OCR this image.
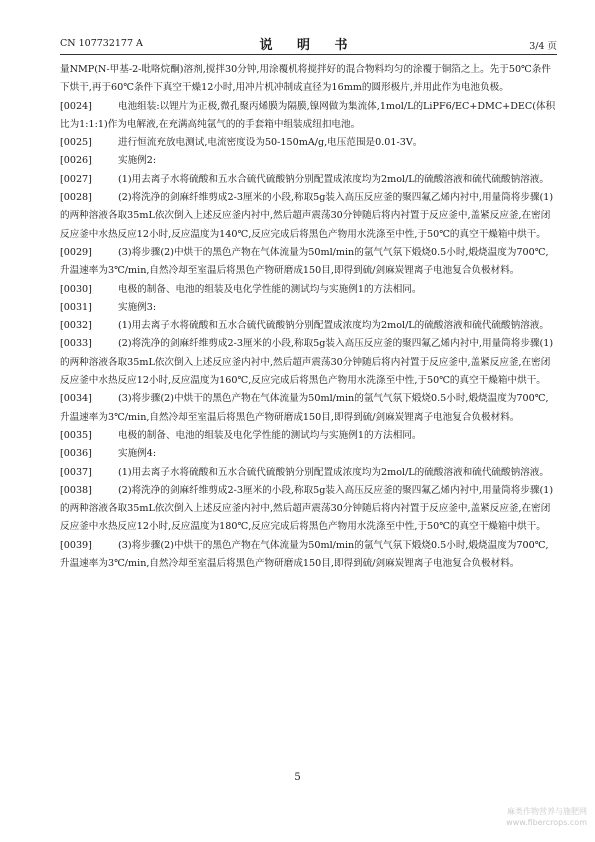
CN 107732177 A	说 明 书	3/4 页
量NMP(N-甲基-2-吡咯烷酮)溶剂,搅拌30分钟,用涂覆机将搅拌好的混合物料均匀的涂覆于铜箔之上。先于50℃条件下烘干,再于60℃条件下真空干燥12小时,用冲片机冲制成直径为16mm的圆形极片,并用此作为电池负极。
[0024]	电池组装:以锂片为正极,微孔聚丙烯膜为隔膜,镍网做为集流体,1mol/L的LiPF6/EC+DMC+DEC(体积比为1:1:1)作为电解液,在充满高纯氩气的的手套箱中组装成纽扣电池。
[0025]	进行恒流充放电测试,电流密度设为50-150mA/g,电压范围是0.01-3V。
[0026]	实施例2:
[0027]	(1)用去离子水将硫酸和五水合硫代硫酸钠分别配置成浓度均为2mol/L的硫酸溶液和硫代硫酸钠溶液。
[0028]	(2)将洗净的剑麻纤维剪成2-3厘米的小段,称取5g装入高压反应釜的聚四氟乙烯内衬中,用量筒将步骤(1)的两种溶液各取35mL依次倒入上述反应釜内衬中,然后超声震荡30分钟随后将内衬置于反应釜中,盖紧反应釜,在密闭反应釜中水热反应12小时,反应温度为140℃,反应完成后将黑色产物用水洗涤至中性,于50℃的真空干燥箱中烘干。
[0029]	(3)将步骤(2)中烘干的黑色产物在气体流量为50ml/min的氩气气氛下煅烧0.5小时,煅烧温度为700℃,升温速率为3℃/min,自然冷却至室温后将黑色产物研磨成150目,即得到硫/剑麻炭锂离子电池复合负极材料。
[0030]	电极的制备、电池的组装及电化学性能的测试均与实施例1的方法相同。
[0031]	实施例3:
[0032]	(1)用去离子水将硫酸和五水合硫代硫酸钠分别配置成浓度均为2mol/L的硫酸溶液和硫代硫酸钠溶液。
[0033]	(2)将洗净的剑麻纤维剪成2-3厘米的小段,称取5g装入高压反应釜的聚四氟乙烯内衬中,用量筒将步骤(1)的两种溶液各取35mL依次倒入上述反应釜内衬中,然后超声震荡30分钟随后将内衬置于反应釜中,盖紧反应釜,在密闭反应釜中水热反应12小时,反应温度为160℃,反应完成后将黑色产物用水洗涤至中性,于50℃的真空干燥箱中烘干。
[0034]	(3)将步骤(2)中烘干的黑色产物在气体流量为50ml/min的氩气气氛下煅烧0.5小时,煅烧温度为700℃,升温速率为3℃/min,自然冷却至室温后将黑色产物研磨成150目,即得到硫/剑麻炭锂离子电池复合负极材料。
[0035]	电极的制备、电池的组装及电化学性能的测试均与实施例1的方法相同。
[0036]	实施例4:
[0037]	(1)用去离子水将硫酸和五水合硫代硫酸钠分别配置成浓度均为2mol/L的硫酸溶液和硫代硫酸钠溶液。
[0038]	(2)将洗净的剑麻纤维剪成2-3厘米的小段,称取5g装入高压反应釜的聚四氟乙烯内衬中,用量筒将步骤(1)的两种溶液各取35mL依次倒入上述反应釜内衬中,然后超声震荡30分钟随后将内衬置于反应釜中,盖紧反应釜,在密闭反应釜中水热反应12小时,反应温度为180℃,反应完成后将黑色产物用水洗涤至中性,于50℃的真空干燥箱中烘干。
[0039]	(3)将步骤(2)中烘干的黑色产物在气体流量为50ml/min的氩气气氛下煅烧0.5小时,煅烧温度为700℃,升温速率为3℃/min,自然冷却至室温后将黑色产物研磨成150目,即得到硫/剑麻炭锂离子电池复合负极材料。
5
麻类作物营养与施肥网
www.fibercrops.com
